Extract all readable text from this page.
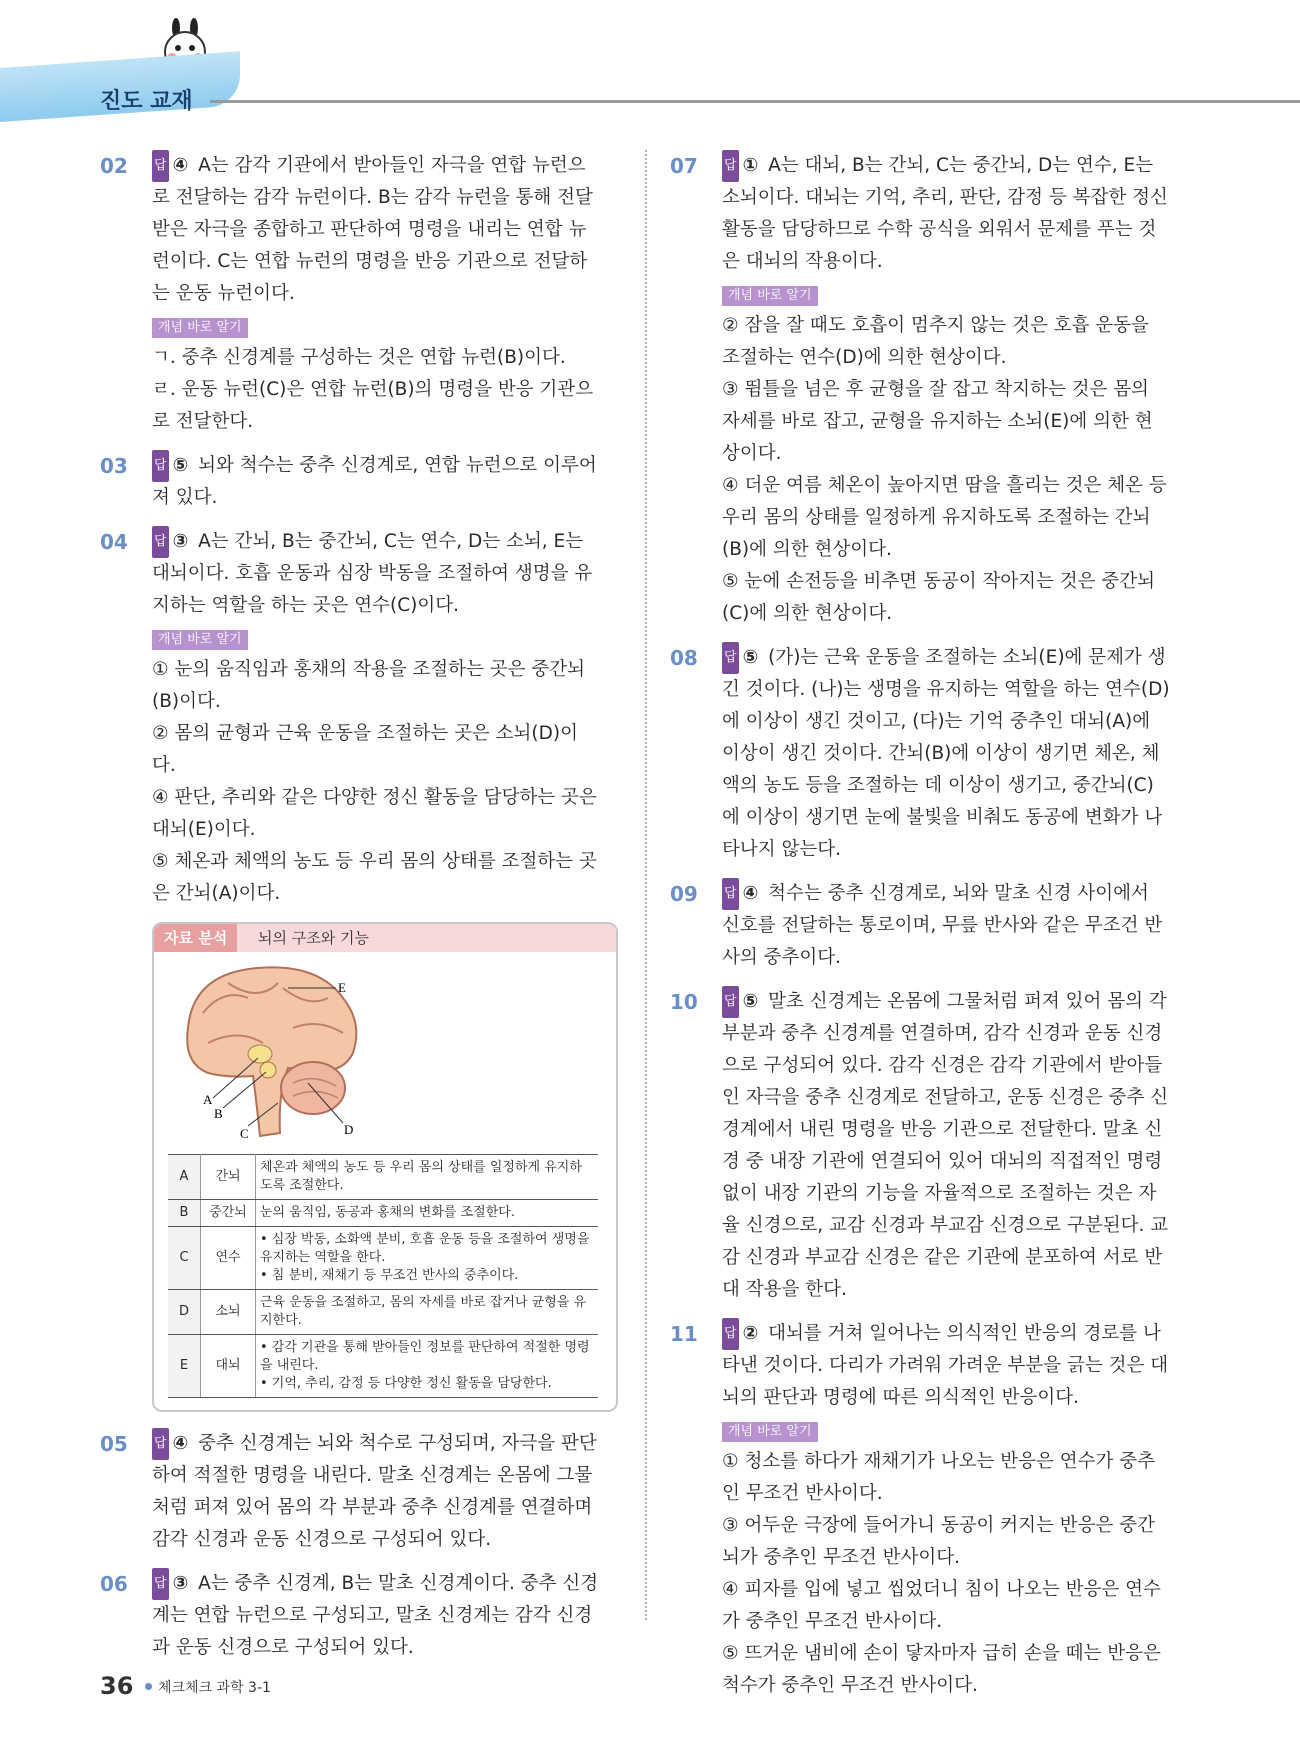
진도 교재
02 답 ④ A는 감각 기관에서 받아들인 자극을 연합 뉴런으로 전달하는 감각 뉴런이다. B는 감각 뉴런을 통해 전달받은 자극을 종합하고 판단하여 명령을 내리는 연합 뉴런이다. C는 연합 뉴런의 명령을 반응 기관으로 전달하는 운동 뉴런이다.
개념 바로 알기

ㄱ. 중추 신경계를 구성하는 것은 연합 뉴런(B)이다.

ㄹ. 운동 뉴런(C)은 연합 뉴런(B)의 명령을 반응 기관으로 전달한다.

03 답 ⑤ 뇌와 척수는 중추 신경계로, 연합 뉴런으로 이루어져 있다.
04 답 ③ A는 간뇌, B는 중간뇌, C는 연수, D는 소뇌, E는 대뇌이다. 호흡 운동과 심장 박동을 조절하여 생명을 유지하는 역할을 하는 곳은 연수(C)이다.
개념 바로 알기

① 눈의 움직임과 홍채의 작용을 조절하는 곳은 중간뇌(B)이다.

② 몸의 균형과 근육 운동을 조절하는 곳은 소뇌(D)이다.

④ 판단, 추리와 같은 다양한 정신 활동을 담당하는 곳은 대뇌(E)이다.

⑤ 체온과 체액의 농도 등 우리 몸의 상태를 조절하는 곳은 간뇌(A)이다.

자료 분석	뇌의 구조와 기능
E
A
B
C	D
A	간뇌	체온과 체액의 농도 등 우리 몸의 상태를 일정하게 유지하도록 조절한다.

B	중간뇌	눈의 움직임, 동공과 홍채의 변화를 조절한다.

C	연수	• 심장 박동, 소화액 분비, 호흡 운동 등을 조절하여 생명을 유지하는 역할을 한다.
• 침 분비, 재채기 등 무조건 반사의 중추이다.

D	소뇌	근육 운동을 조절하고, 몸의 자세를 바로 잡거나 균형을 유지한다.

E	대뇌	• 감각 기관을 통해 받아들인 정보를 판단하여 적절한 명령을 내린다.
• 기억, 추리, 감정 등 다양한 정신 활동을 담당한다.
05 답 ④ 중추 신경계는 뇌와 척수로 구성되며, 자극을 판단하여 적절한 명령을 내린다. 말초 신경계는 온몸에 그물처럼 퍼져 있어 몸의 각 부분과 중추 신경계를 연결하며 감각 신경과 운동 신경으로 구성되어 있다.
06 답 ③ A는 중추 신경계, B는 말초 신경계이다. 중추 신경계는 연합 뉴런으로 구성되고, 말초 신경계는 감각 신경과 운동 신경으로 구성되어 있다.
07 답 ① A는 대뇌, B는 간뇌, C는 중간뇌, D는 연수, E는 소뇌이다. 대뇌는 기억, 추리, 판단, 감정 등 복잡한 정신 활동을 담당하므로 수학 공식을 외워서 문제를 푸는 것은 대뇌의 작용이다.
개념 바로 알기

② 잠을 잘 때도 호흡이 멈추지 않는 것은 호흡 운동을 조절하는 연수(D)에 의한 현상이다.

③ 뜀틀을 넘은 후 균형을 잘 잡고 착지하는 것은 몸의 자세를 바로 잡고, 균형을 유지하는 소뇌(E)에 의한 현상이다.

④ 더운 여름 체온이 높아지면 땀을 흘리는 것은 체온 등 우리 몸의 상태를 일정하게 유지하도록 조절하는 간뇌(B)에 의한 현상이다.

⑤ 눈에 손전등을 비추면 동공이 작아지는 것은 중간뇌(C)에 의한 현상이다.

08 답 ⑤ (가)는 근육 운동을 조절하는 소뇌(E)에 문제가 생긴 것이다. (나)는 생명을 유지하는 역할을 하는 연수(D)에 이상이 생긴 것이고, (다)는 기억 중추인 대뇌(A)에 이상이 생긴 것이다. 간뇌(B)에 이상이 생기면 체온, 체액의 농도 등을 조절하는 데 이상이 생기고, 중간뇌(C)에 이상이 생기면 눈에 불빛을 비춰도 동공에 변화가 나타나지 않는다.
09 답 ④ 척수는 중추 신경계로, 뇌와 말초 신경 사이에서 신호를 전달하는 통로이며, 무릎 반사와 같은 무조건 반사의 중추이다.
10 답 ⑤ 말초 신경계는 온몸에 그물처럼 퍼져 있어 몸의 각 부분과 중추 신경계를 연결하며, 감각 신경과 운동 신경으로 구성되어 있다. 감각 신경은 감각 기관에서 받아들인 자극을 중추 신경계로 전달하고, 운동 신경은 중추 신경계에서 내린 명령을 반응 기관으로 전달한다. 말초 신경 중 내장 기관에 연결되어 있어 대뇌의 직접적인 명령 없이 내장 기관의 기능을 자율적으로 조절하는 것은 자율 신경으로, 교감 신경과 부교감 신경으로 구분된다. 교감 신경과 부교감 신경은 같은 기관에 분포하여 서로 반대 작용을 한다.
11 답 ② 대뇌를 거쳐 일어나는 의식적인 반응의 경로를 나타낸 것이다. 다리가 가려워 가려운 부분을 긁는 것은 대뇌의 판단과 명령에 따른 의식적인 반응이다.
개념 바로 알기

① 청소를 하다가 재채기가 나오는 반응은 연수가 중추인 무조건 반사이다.

③ 어두운 극장에 들어가니 동공이 커지는 반응은 중간뇌가 중추인 무조건 반사이다.

④ 피자를 입에 넣고 씹었더니 침이 나오는 반응은 연수가 중추인 무조건 반사이다.

⑤ 뜨거운 냄비에 손이 닿자마자 급히 손을 떼는 반응은 척수가 중추인 무조건 반사이다.

36 체크체크 과학 3-1
